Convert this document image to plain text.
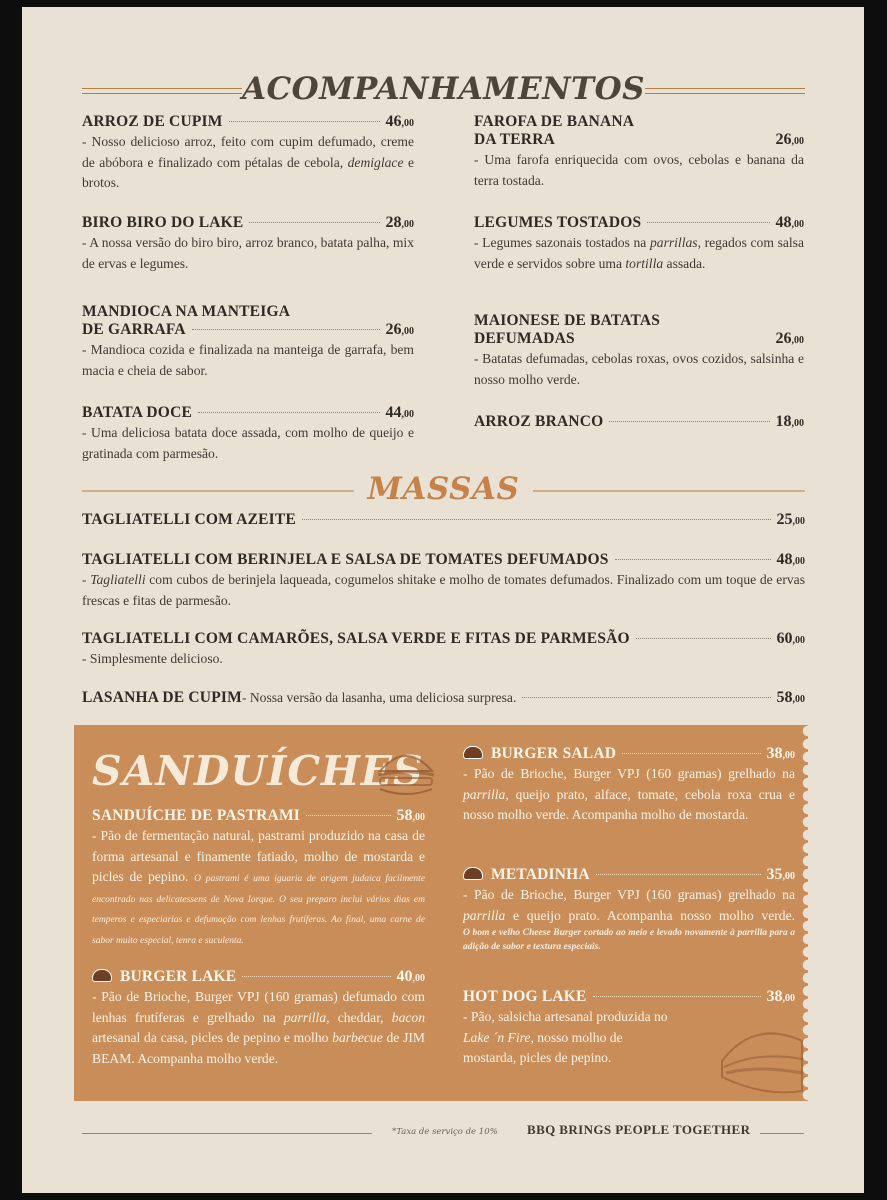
ACOMPANHAMENTOS
ARROZ DE CUPIM	46,00
- Nosso delicioso arroz, feito com cupim defumado, creme de abóbora e finalizado com pétalas de cebola, demiglace e brotos.
BIRO BIRO DO LAKE	28,00
- A nossa versão do biro biro, arroz branco, batata palha, mix de ervas e legumes.
MANDIOCA NA MANTEIGA
DE GARRAFA	26,00
- Mandioca cozida e finalizada na manteiga de garrafa, bem macia e cheia de sabor.
BATATA DOCE	44,00
- Uma deliciosa batata doce assada, com molho de queijo e gratinada com parmesão.
FAROFA DE BANANA
DA TERRA	26,00
- Uma farofa enriquecida com ovos, cebolas e banana da terra tostada.
LEGUMES TOSTADOS	48,00
- Legumes sazonais tostados na parrillas, regados com salsa verde e servidos sobre uma tortilla assada.
MAIONESE DE BATATAS
DEFUMADAS	26,00
- Batatas defumadas, cebolas roxas, ovos cozidos, salsinha e nosso molho verde.
ARROZ BRANCO	18,00
MASSAS
TAGLIATELLI COM AZEITE	25,00
TAGLIATELLI COM BERINJELA E SALSA DE TOMATES DEFUMADOS	48,00
- Tagliatelli com cubos de berinjela laqueada, cogumelos shitake e molho de tomates defumados. Finalizado com um toque de ervas frescas e fitas de parmesão.
TAGLIATELLI COM CAMARÕES, SALSA VERDE E FITAS DE PARMESÃO	60,00
- Simplesmente delicioso.
LASANHA DE CUPIM - Nossa versão da lasanha, uma deliciosa surpresa.	58,00
SANDUÍCHES
SANDUÍCHE DE PASTRAMI	58,00
- Pão de fermentação natural, pastrami produzido na casa de forma artesanal e finamente fatiado, molho de mostarda e picles de pepino. O pastrami é uma iguaria de origem judaica facilmente encontrado nas delicatessens de Nova Iorque. O seu preparo inclui vários dias em temperos e especiarias e defumação com lenhas frutíferas. Ao final, uma carne de sabor muito especial, tenra e suculenta.
BURGER LAKE	40,00
- Pão de Brioche, Burger VPJ (160 gramas) defumado com lenhas frutíferas e grelhado na parrilla, cheddar, bacon artesanal da casa, picles de pepino e molho barbecue de JIM BEAM. Acompanha molho verde.
BURGER SALAD	38,00
- Pão de Brioche, Burger VPJ (160 gramas) grelhado na parrilla, queijo prato, alface, tomate, cebola roxa crua e nosso molho verde. Acompanha molho de mostarda.
METADINHA	35,00
- Pão de Brioche, Burger VPJ (160 gramas) grelhado na parrilla e queijo prato. Acompanha nosso molho verde.
O bom e velho Cheese Burger cortado ao meio e levado novamente à parrilla para a adição de sabor e textura especiais.
HOT DOG LAKE	38,00
- Pão, salsicha artesanal produzida no Lake ´n Fire, nosso molho de mostarda, picles de pepino.
*Taxa de serviço de 10% BBQ BRINGS PEOPLE TOGETHER
